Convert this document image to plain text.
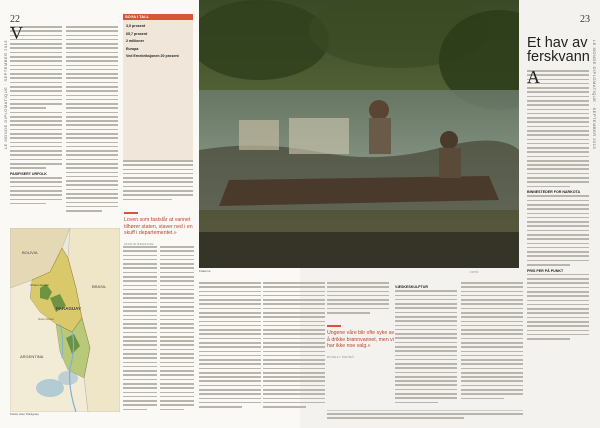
22
LE MONDE DIPLOMATIQUE · SEPTEMBER 2019
V
PASIFISERT URFOLK
SOYA I TALL

3,9 prosent

65,7 prosent

2 millioner

Europa

Ved Ernebriksjonen 20 prosent

Loven som fastslår at vannet tilhører staten, staver ned i en skuff i departementet.»
INGRID BENESSE
BOLIVIA
BRASIL
PARAGUAY
ARGENTINA
Chaco-skoven
Gran Chaco
Kartet viser Paraguay
Fiskerne	FOTO
23
LE MONDE DIPLOMATIQUE · SEPTEMBER 2019
Et hav av ferskvann
A
BINNESTEDER FOR NARKOTA
PRIS PER PÅ PUNKT
Ungene våre blir ofte syke av å drikke brønnvannet, men vi har ikke noe valg.»
ROSELY PIRINÔ
VÆSKESKULPTUR
